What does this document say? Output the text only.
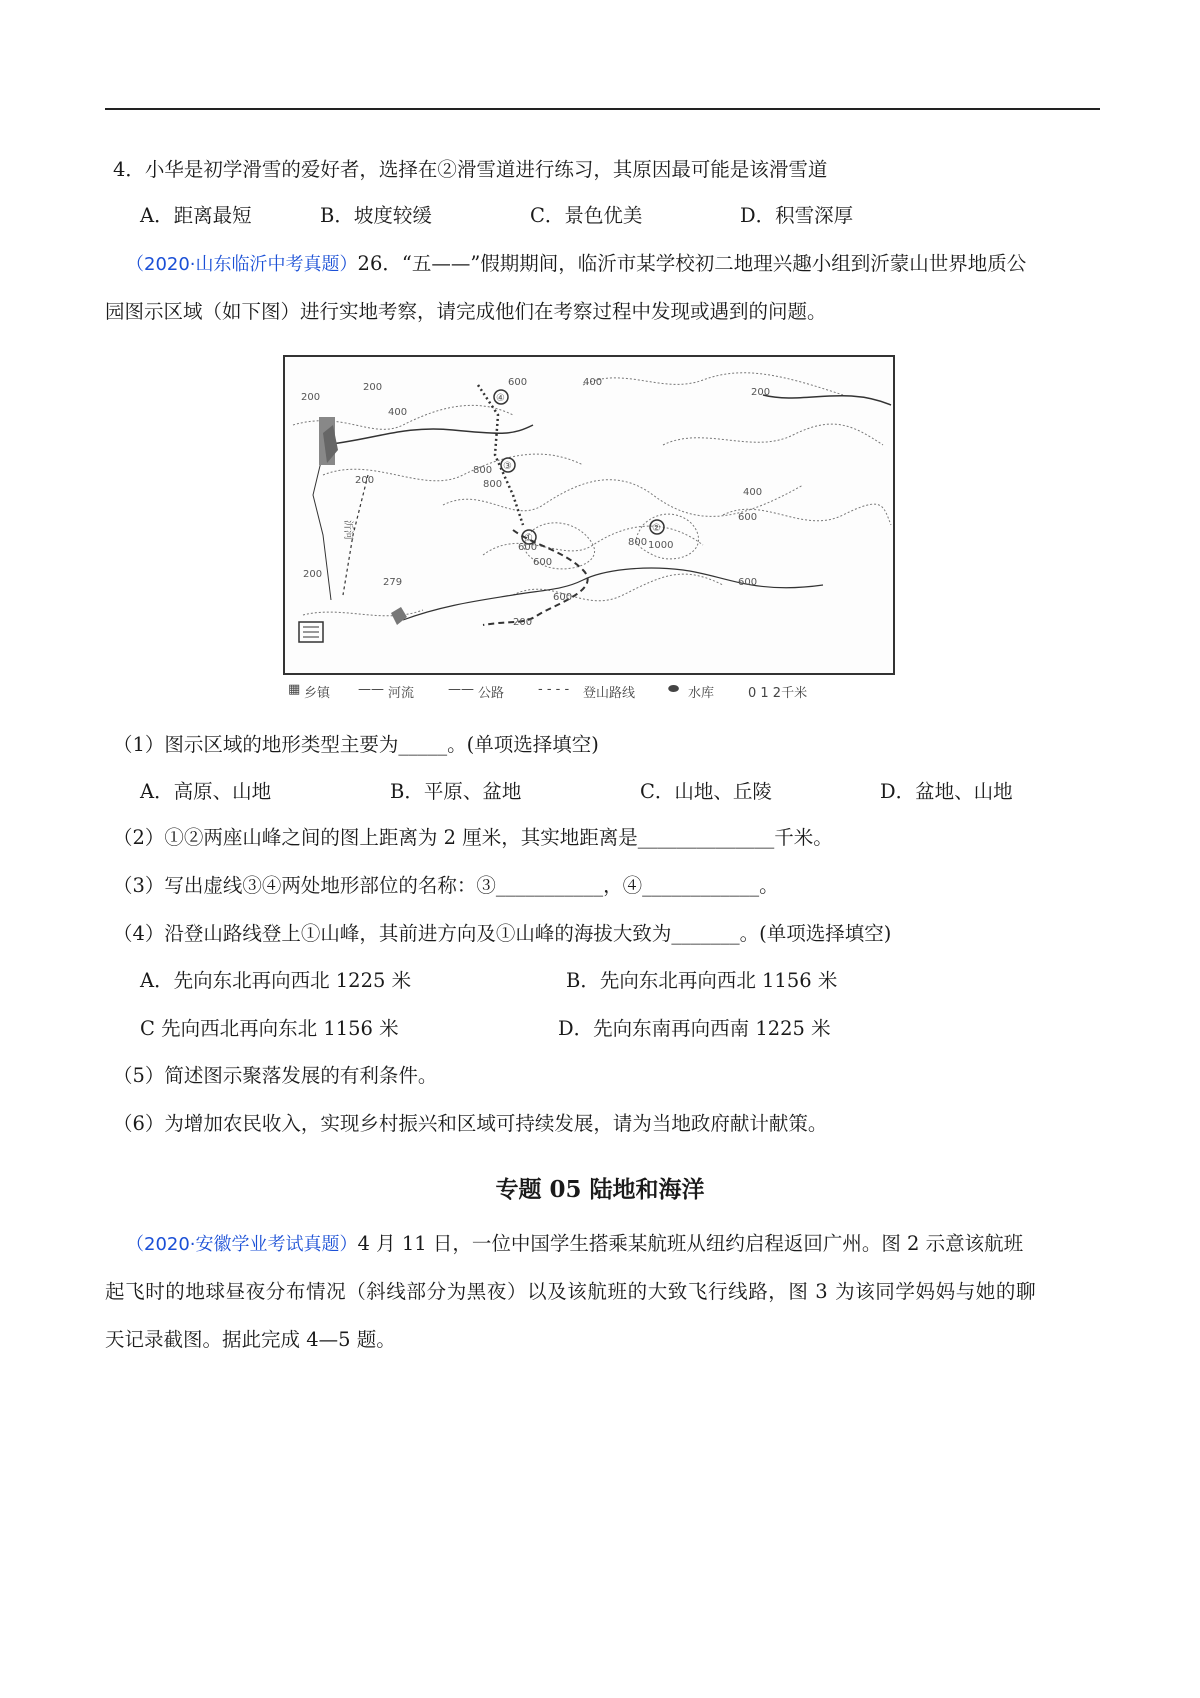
4．小华是初学滑雪的爱好者，选择在②滑雪道进行练习，其原因最可能是该滑雪道
A．距离最短	B．坡度较缓	C．景色优美	D．积雪深厚
（2020·山东临沂中考真题）26．“五——”假期期间，临沂市某学校初二地理兴趣小组到沂蒙山世界地质公
园图示区域（如下图）进行实地考察，请完成他们在考察过程中发现或遇到的问题。
200
200
200
400
600
800
800
600
400
200
400
600
800
600
1000
600
600
200
200
279
④
③
①
②
沂河
▦ 乡镇 —— 河流	—— 公路	- - - - 登山路线	⬬ 水库	0 1 2千米
（1）图示区域的地形类型主要为_____。(单项选择填空)
A．高原、山地	B．平原、盆地	C．山地、丘陵	D．盆地、山地
（2）①②两座山峰之间的图上距离为 2 厘米，其实地距离是______________千米。
（3）写出虚线③④两处地形部位的名称：③___________，④____________。
（4）沿登山路线登上①山峰，其前进方向及①山峰的海拔大致为_______。(单项选择填空)
A．先向东北再向西北 1225 米	B．先向东北再向西北 1156 米
C 先向西北再向东北 1156 米	D．先向东南再向西南 1225 米
（5）简述图示聚落发展的有利条件。
（6）为增加农民收入，实现乡村振兴和区域可持续发展，请为当地政府献计献策。
专题 05 陆地和海洋
（2020·安徽学业考试真题）4 月 11 日，一位中国学生搭乘某航班从纽约启程返回广州。图 2 示意该航班
起飞时的地球昼夜分布情况（斜线部分为黑夜）以及该航班的大致飞行线路，图 3 为该同学妈妈与她的聊
天记录截图。据此完成 4—5 题。
